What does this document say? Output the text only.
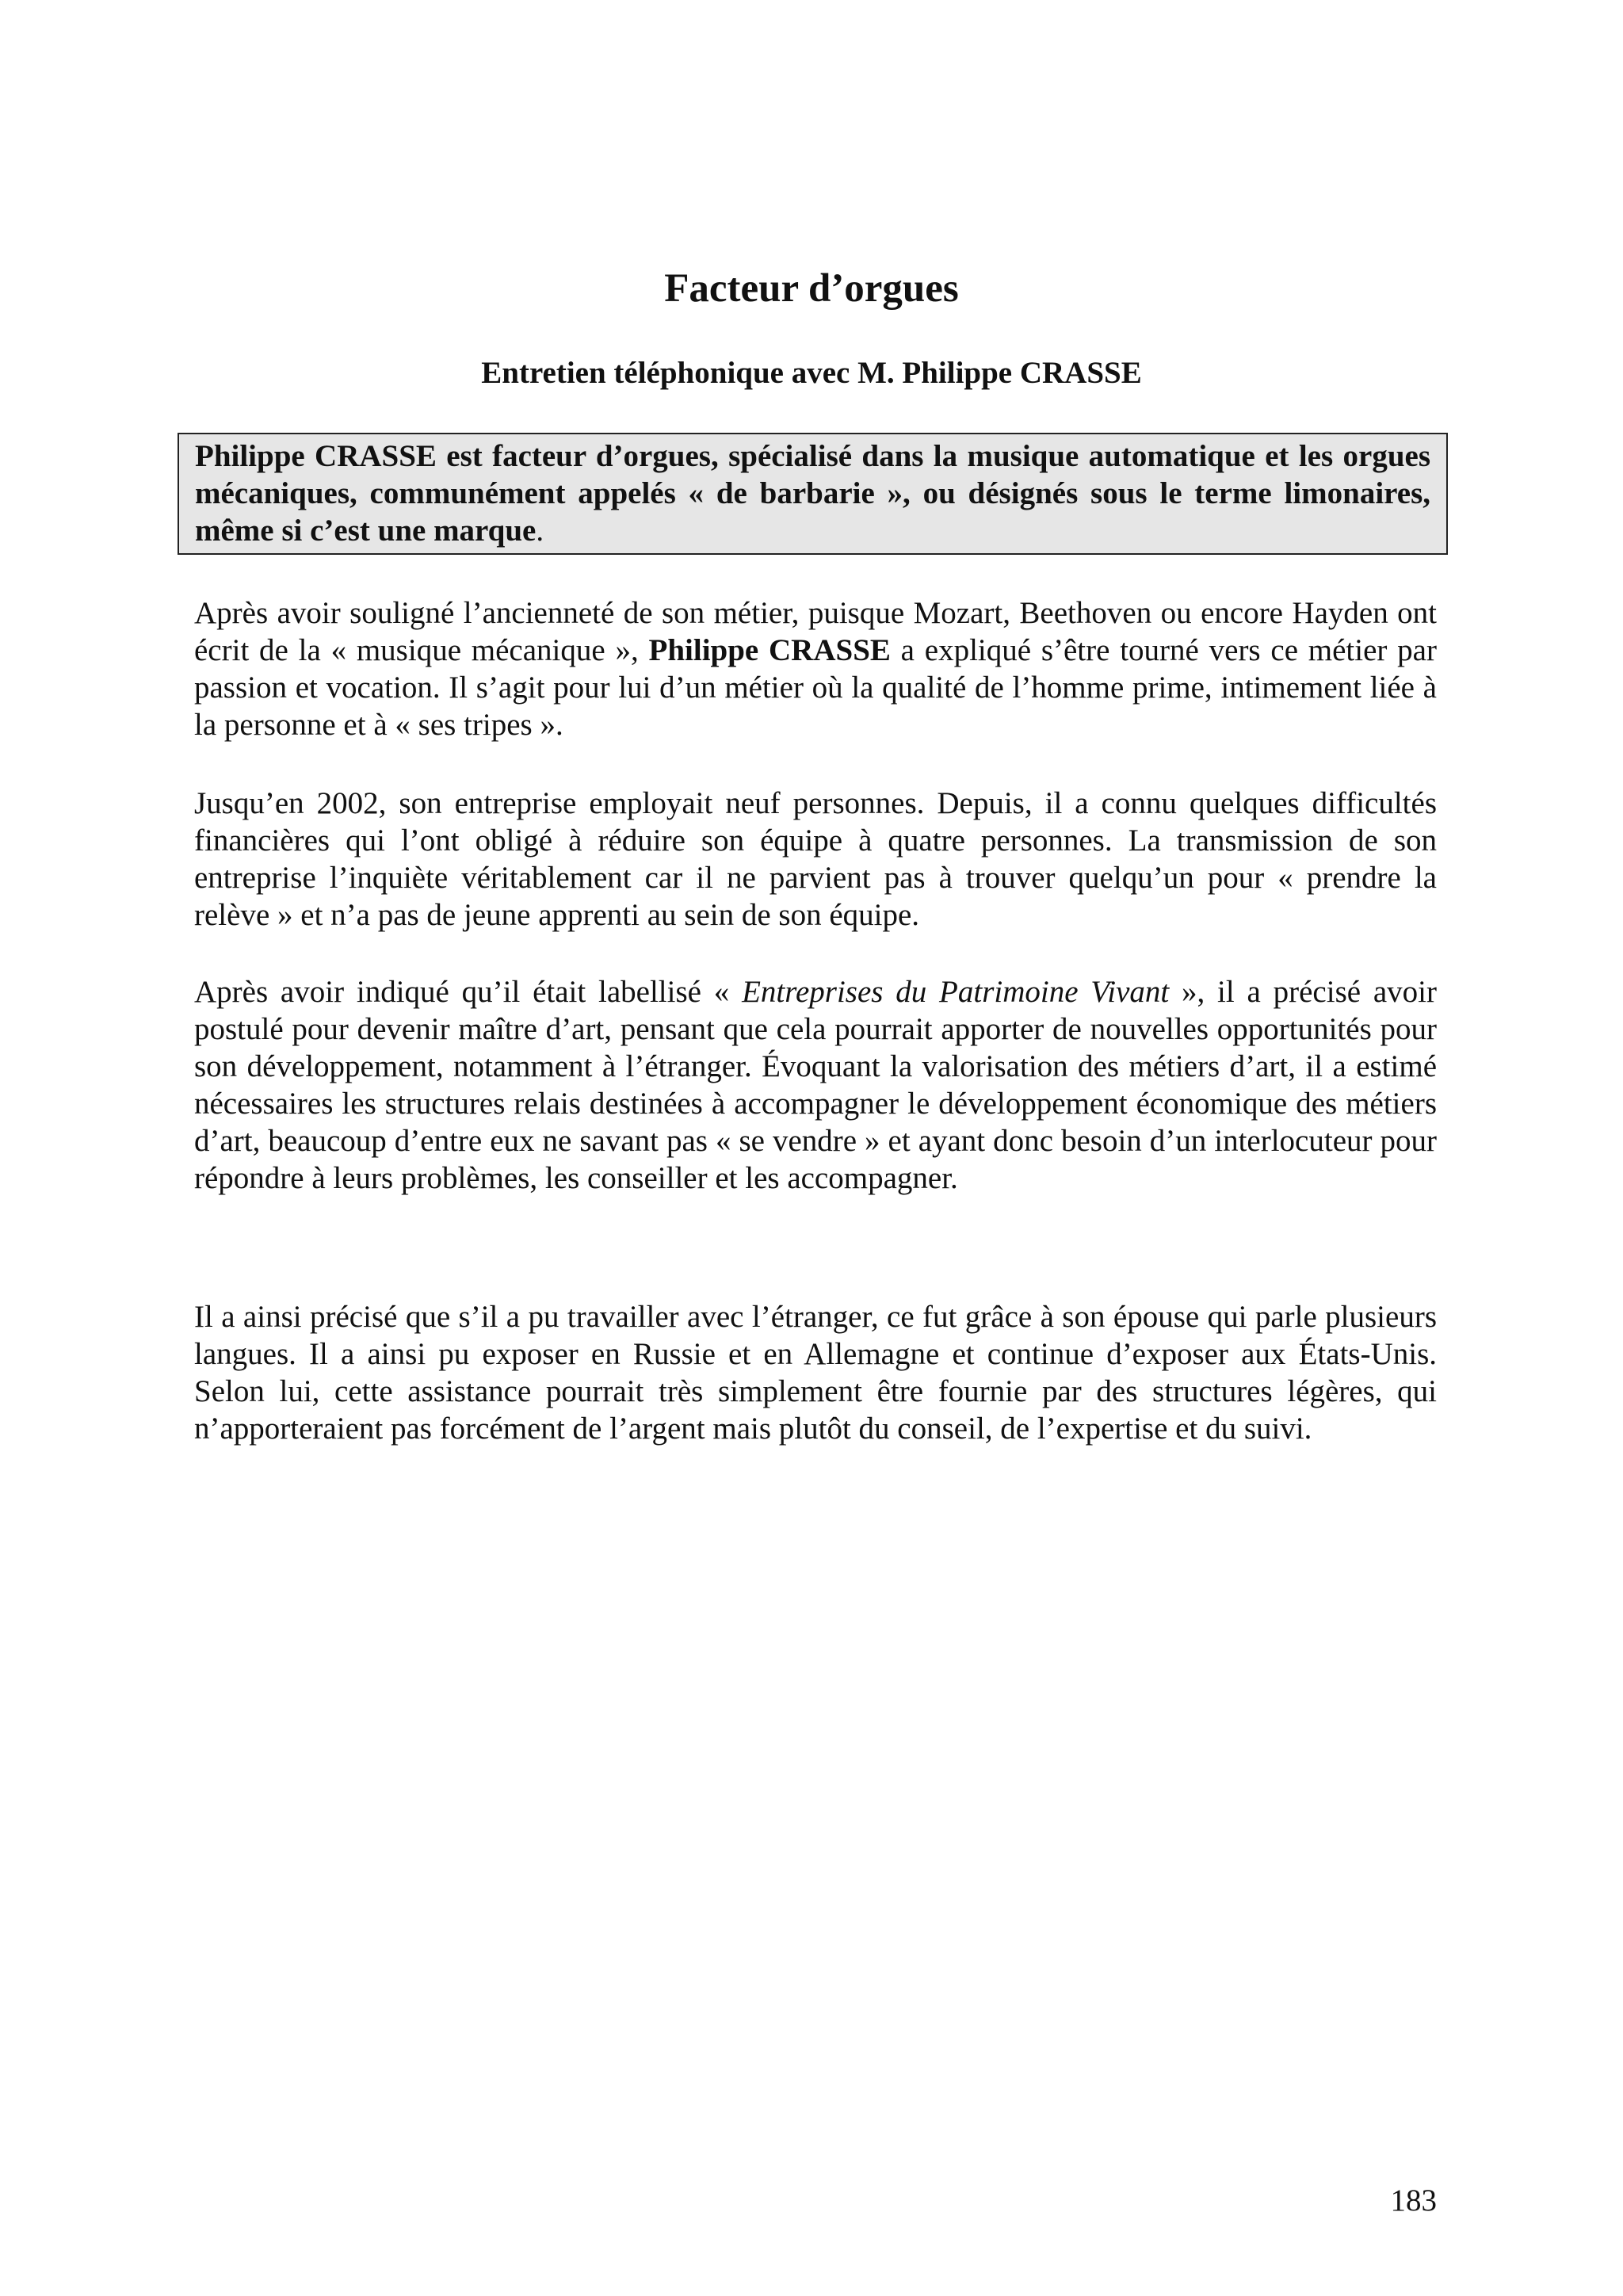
Facteur d’orgues
Entretien téléphonique avec M. Philippe CRASSE

Philippe CRASSE est facteur d’orgues, spécialisé dans la musique automatique et les orgues mécaniques, communément appelés « de barbarie », ou désignés sous le terme limonaires, même si c’est une marque.

Après avoir souligné l’ancienneté de son métier, puisque Mozart, Beethoven ou encore Hayden ont écrit de la « musique mécanique », Philippe CRASSE a expliqué s’être tourné vers ce métier par passion et vocation. Il s’agit pour lui d’un métier où la qualité de l’homme prime, intimement liée à la personne et à « ses tripes ».

Jusqu’en 2002, son entreprise employait neuf personnes. Depuis, il a connu quelques difficultés financières qui l’ont obligé à réduire son équipe à quatre personnes. La transmission de son entreprise l’inquiète véritablement car il ne parvient pas à trouver quelqu’un pour « prendre la relève » et n’a pas de jeune apprenti au sein de son équipe.

Après avoir indiqué qu’il était labellisé « Entreprises du Patrimoine Vivant », il a précisé avoir postulé pour devenir maître d’art, pensant que cela pourrait apporter de nouvelles opportunités pour son développement, notamment à l’étranger. Évoquant la valorisation des métiers d’art, il a estimé nécessaires les structures relais destinées à accompagner le développement économique des métiers d’art, beaucoup d’entre eux ne savant pas « se vendre » et ayant donc besoin d’un interlocuteur pour répondre à leurs problèmes, les conseiller et les accompagner.

Il a ainsi précisé que s’il a pu travailler avec l’étranger, ce fut grâce à son épouse qui parle plusieurs langues. Il a ainsi pu exposer en Russie et en Allemagne et continue d’exposer aux États-Unis. Selon lui, cette assistance pourrait très simplement être fournie par des structures légères, qui n’apporteraient pas forcément de l’argent mais plutôt du conseil, de l’expertise et du suivi.

183
